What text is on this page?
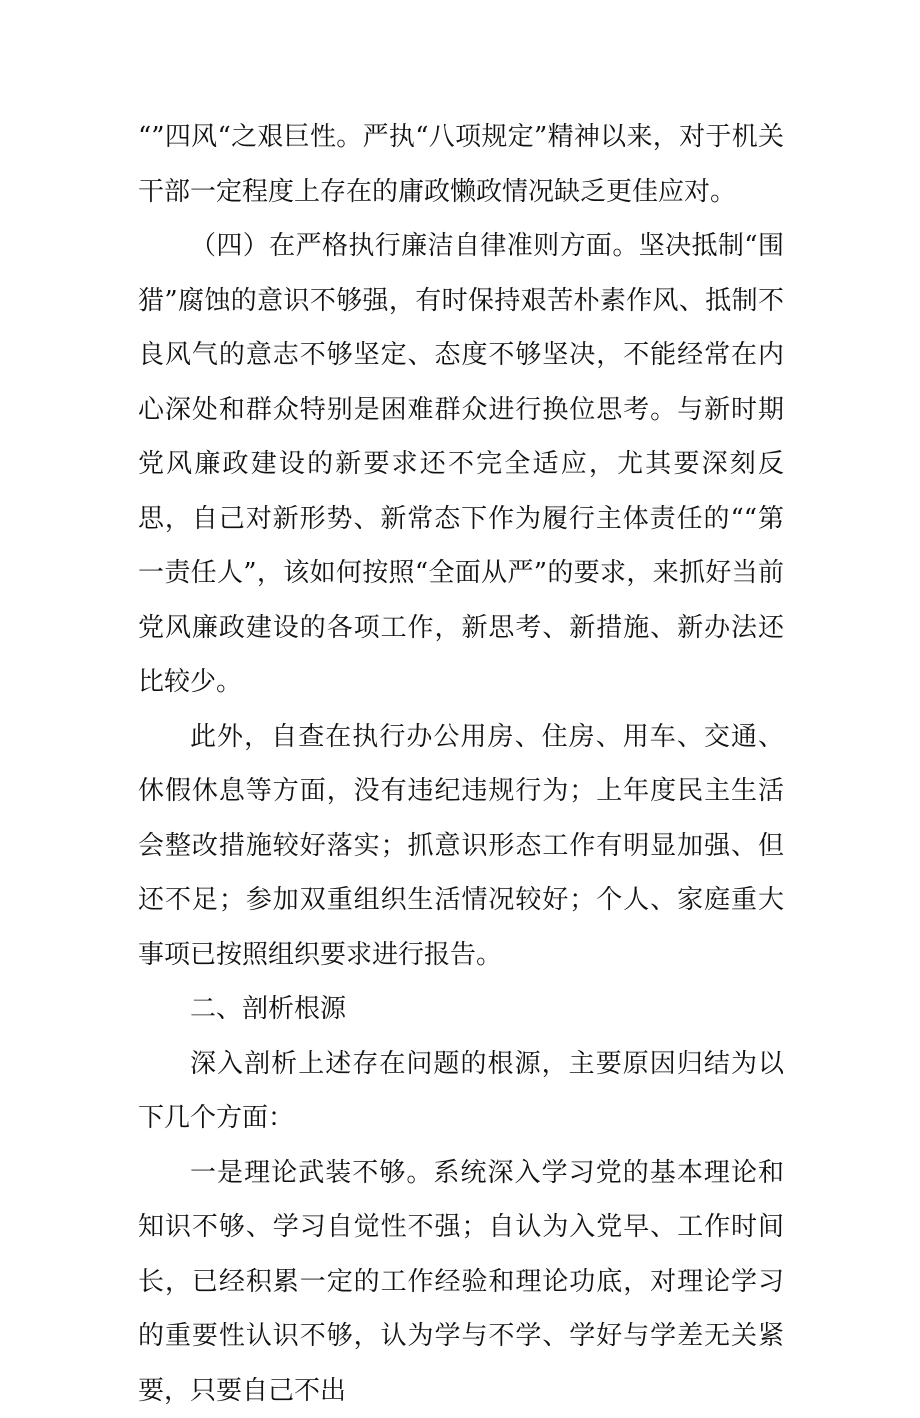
“”四风“之艰巨性。严执“八项规定”精神以来，对于机关干部一定程度上存在的庸政懒政情况缺乏更佳应对。

（四）在严格执行廉洁自律准则方面。坚决抵制“围猎”腐蚀的意识不够强，有时保持艰苦朴素作风、抵制不良风气的意志不够坚定、态度不够坚决，不能经常在内心深处和群众特别是困难群众进行换位思考。与新时期党风廉政建设的新要求还不完全适应，尤其要深刻反思，自己对新形势、新常态下作为履行主体责任的““第一责任人”，该如何按照“全面从严”的要求，来抓好当前党风廉政建设的各项工作，新思考、新措施、新办法还比较少。

此外，自查在执行办公用房、住房、用车、交通、休假休息等方面，没有违纪违规行为；上年度民主生活会整改措施较好落实；抓意识形态工作有明显加强、但还不足；参加双重组织生活情况较好；个人、家庭重大事项已按照组织要求进行报告。

二、剖析根源

深入剖析上述存在问题的根源，主要原因归结为以下几个方面：

一是理论武装不够。系统深入学习党的基本理论和知识不够、学习自觉性不强；自认为入党早、工作时间长，已经积累一定的工作经验和理论功底，对理论学习的重要性认识不够，认为学与不学、学好与学差无关紧要，只要自己不出
